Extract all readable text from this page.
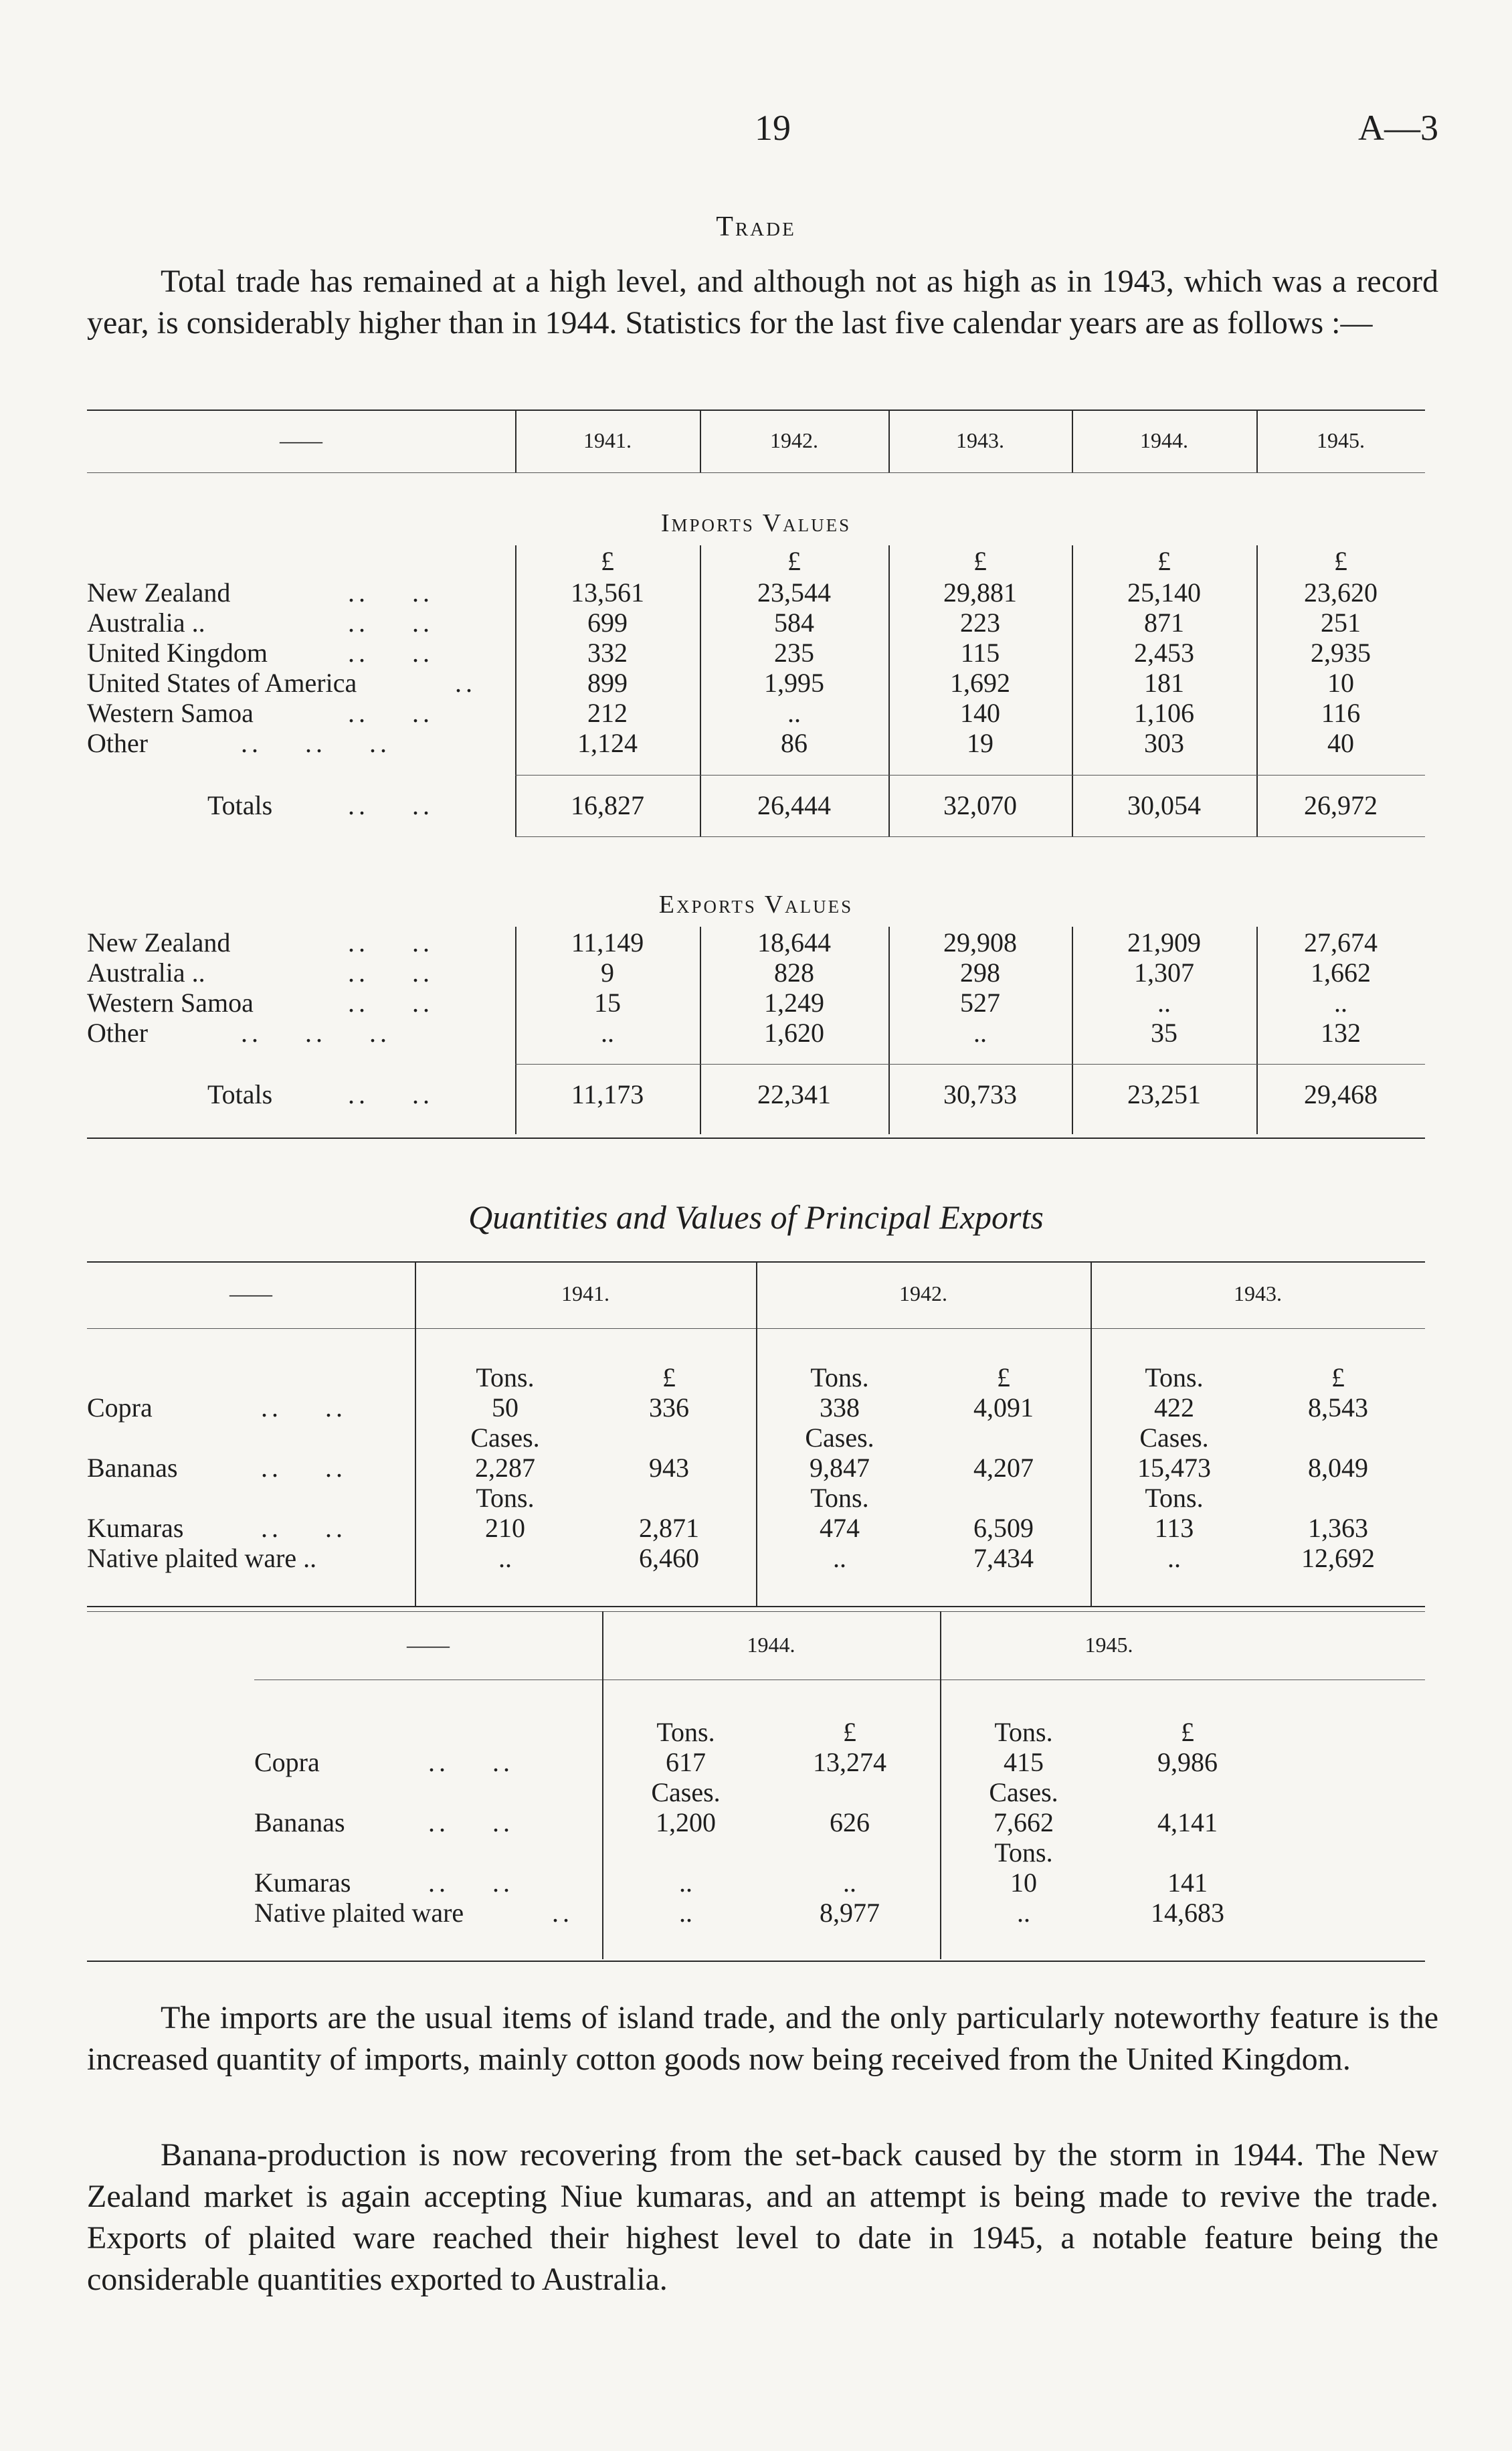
19	A—3
Trade
Total trade has remained at a high level, and although not as high as in 1943, which was a record year, is considerably higher than in 1944. Statistics for the last five calendar years are as follows :—
——	1941.	1942.	1943.	1944.	1945.
Imports Values
£	£	£	£	£
New Zealand	..    ..	13,561	23,544	29,881	25,140	23,620
Australia ..	..    ..	699	584	223	871	251
United Kingdom	..    ..	332	235	115	2,453	2,935
United States of America	..	899	1,995	1,692	181	10
Western Samoa	..    ..	212	..	140	1,106	116
Other	..    ..    ..	1,124	86	19	303	40
Totals	..    ..	16,827	26,444	32,070	30,054	26,972
Exports Values
New Zealand	..    ..	11,149	18,644	29,908	21,909	27,674
Australia ..	..    ..	9	828	298	1,307	1,662
Western Samoa	..    ..	15	1,249	527	..	..
Other	..    ..    ..	..	1,620	..	35	132
Totals	..    ..	11,173	22,341	30,733	23,251	29,468
Quantities and Values of Principal Exports
——	1941.	1942.	1943.
Tons.	£	Tons.	£	Tons.	£
Copra	..    ..	50	336	338	4,091	422	8,543
Cases.	Cases.	Cases.
Bananas	..    ..	2,287	943	9,847	4,207	15,473	8,049
Tons.	Tons.	Tons.
Kumaras	..    ..	210	2,871	474	6,509	113	1,363
Native plaited ware ..	..	6,460	..	7,434	..	12,692
——	1944.	1945.
Tons.	£	Tons.	£
Copra	..    ..	617	13,274	415	9,986
Cases.	Cases.
Bananas	..    ..	1,200	626	7,662	4,141
Tons.
Kumaras	..    ..	..	..	10	141
Native plaited ware	..	..	8,977	..	14,683
The imports are the usual items of island trade, and the only particularly noteworthy feature is the increased quantity of imports, mainly cotton goods now being received from the United Kingdom.
Banana-production is now recovering from the set-back caused by the storm in 1944. The New Zealand market is again accepting Niue kumaras, and an attempt is being made to revive the trade. Exports of plaited ware reached their highest level to date in 1945, a notable feature being the considerable quantities exported to Australia.
